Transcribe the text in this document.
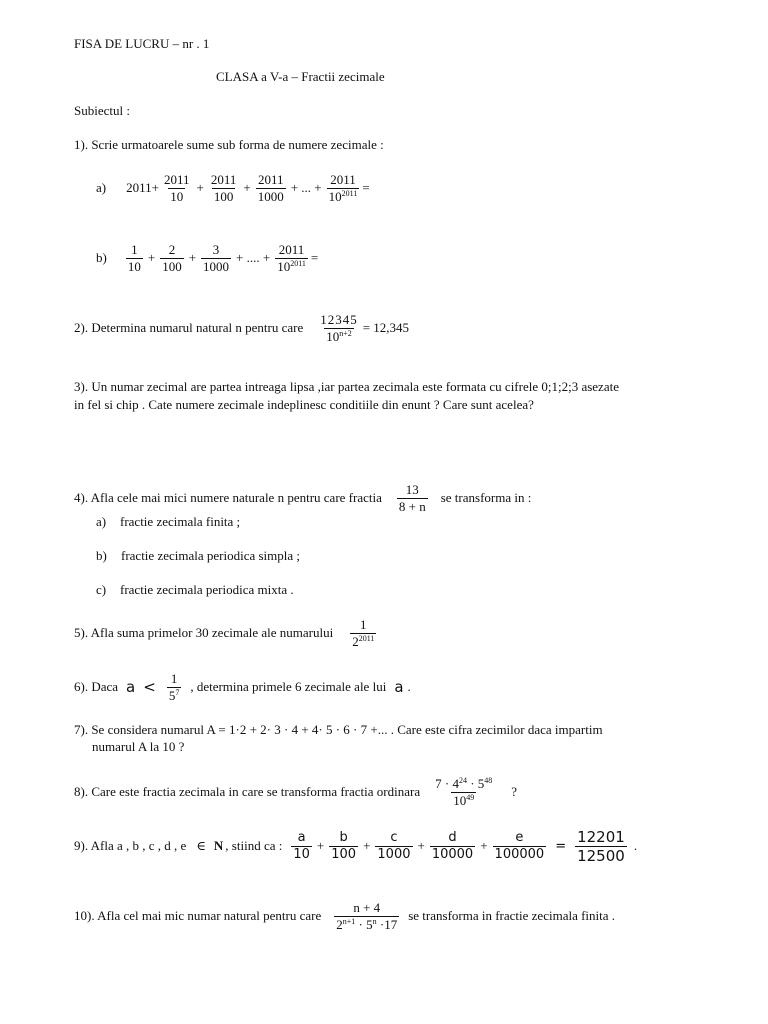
FISA DE LUCRU – nr . 1
CLASA a V-a – Fractii zecimale
Subiectul :
1). Scrie urmatoarele sume sub forma de numere zecimale :
a) $2011+ \frac{2011}{10} + \frac{2011}{100} + \frac{2011}{1000}$ + ... + $\frac{2011}{10^{2011}}$ =
$b) \frac{1}{10} + \frac{2}{100} + \frac{3}{1000}$ + .... + $\frac{2011}{10^{2011}}$ =
2). Determina numarul natural n pentru care $\frac{12345}{10^{n+2}} = 12,345$
3). Un numar zecimal are partea intreaga lipsa ,iar partea zecimala este formata cu cifrele 0;1;2;3 asezate
in fel si chip . Cate numere zecimale indeplinesc conditiile din enunt ? Care sunt acelea?
4). Afla cele mai mici numere naturale n pentru care fractia $\frac{13}{8 + n}$ se transforma in :
a)	fractie zecimala finita ;
b)	fractie zecimala periodica simpla ;
c)	fractie zecimala periodica mixta .
5). Afla suma primelor 30 zecimale ale numarului $\frac{1}{2^{2011}}$
6). Daca $a < \frac{1}{5^7}$ , determina primele 6 zecimale ale lui a .
7). Se considera numarul A = 1·2 + 2· 3 · 4 + 4· 5 · 6 · 7 +... . Care este cifra zecimilor daca impartim
numarul A la 10 ?
8). Care este fractia zecimala in care se transforma fractia ordinara $\frac{7 \cdot 4^{24} \cdot 5^{48}}{10^{49}}$ ?
9). Afla a , b , c , d , e ∈ N , stiind ca : $\frac{a}{10} + \frac{b}{100} + \frac{c}{1000} + \frac{d}{10000} + \frac{e}{100000} = \frac{12201}{12500}$ .
10). Afla cel mai mic numar natural pentru care $\frac{n + 4}{2^{n+1} \cdot 5^n \cdot 17}$ se transforma in fractie zecimala finita .
